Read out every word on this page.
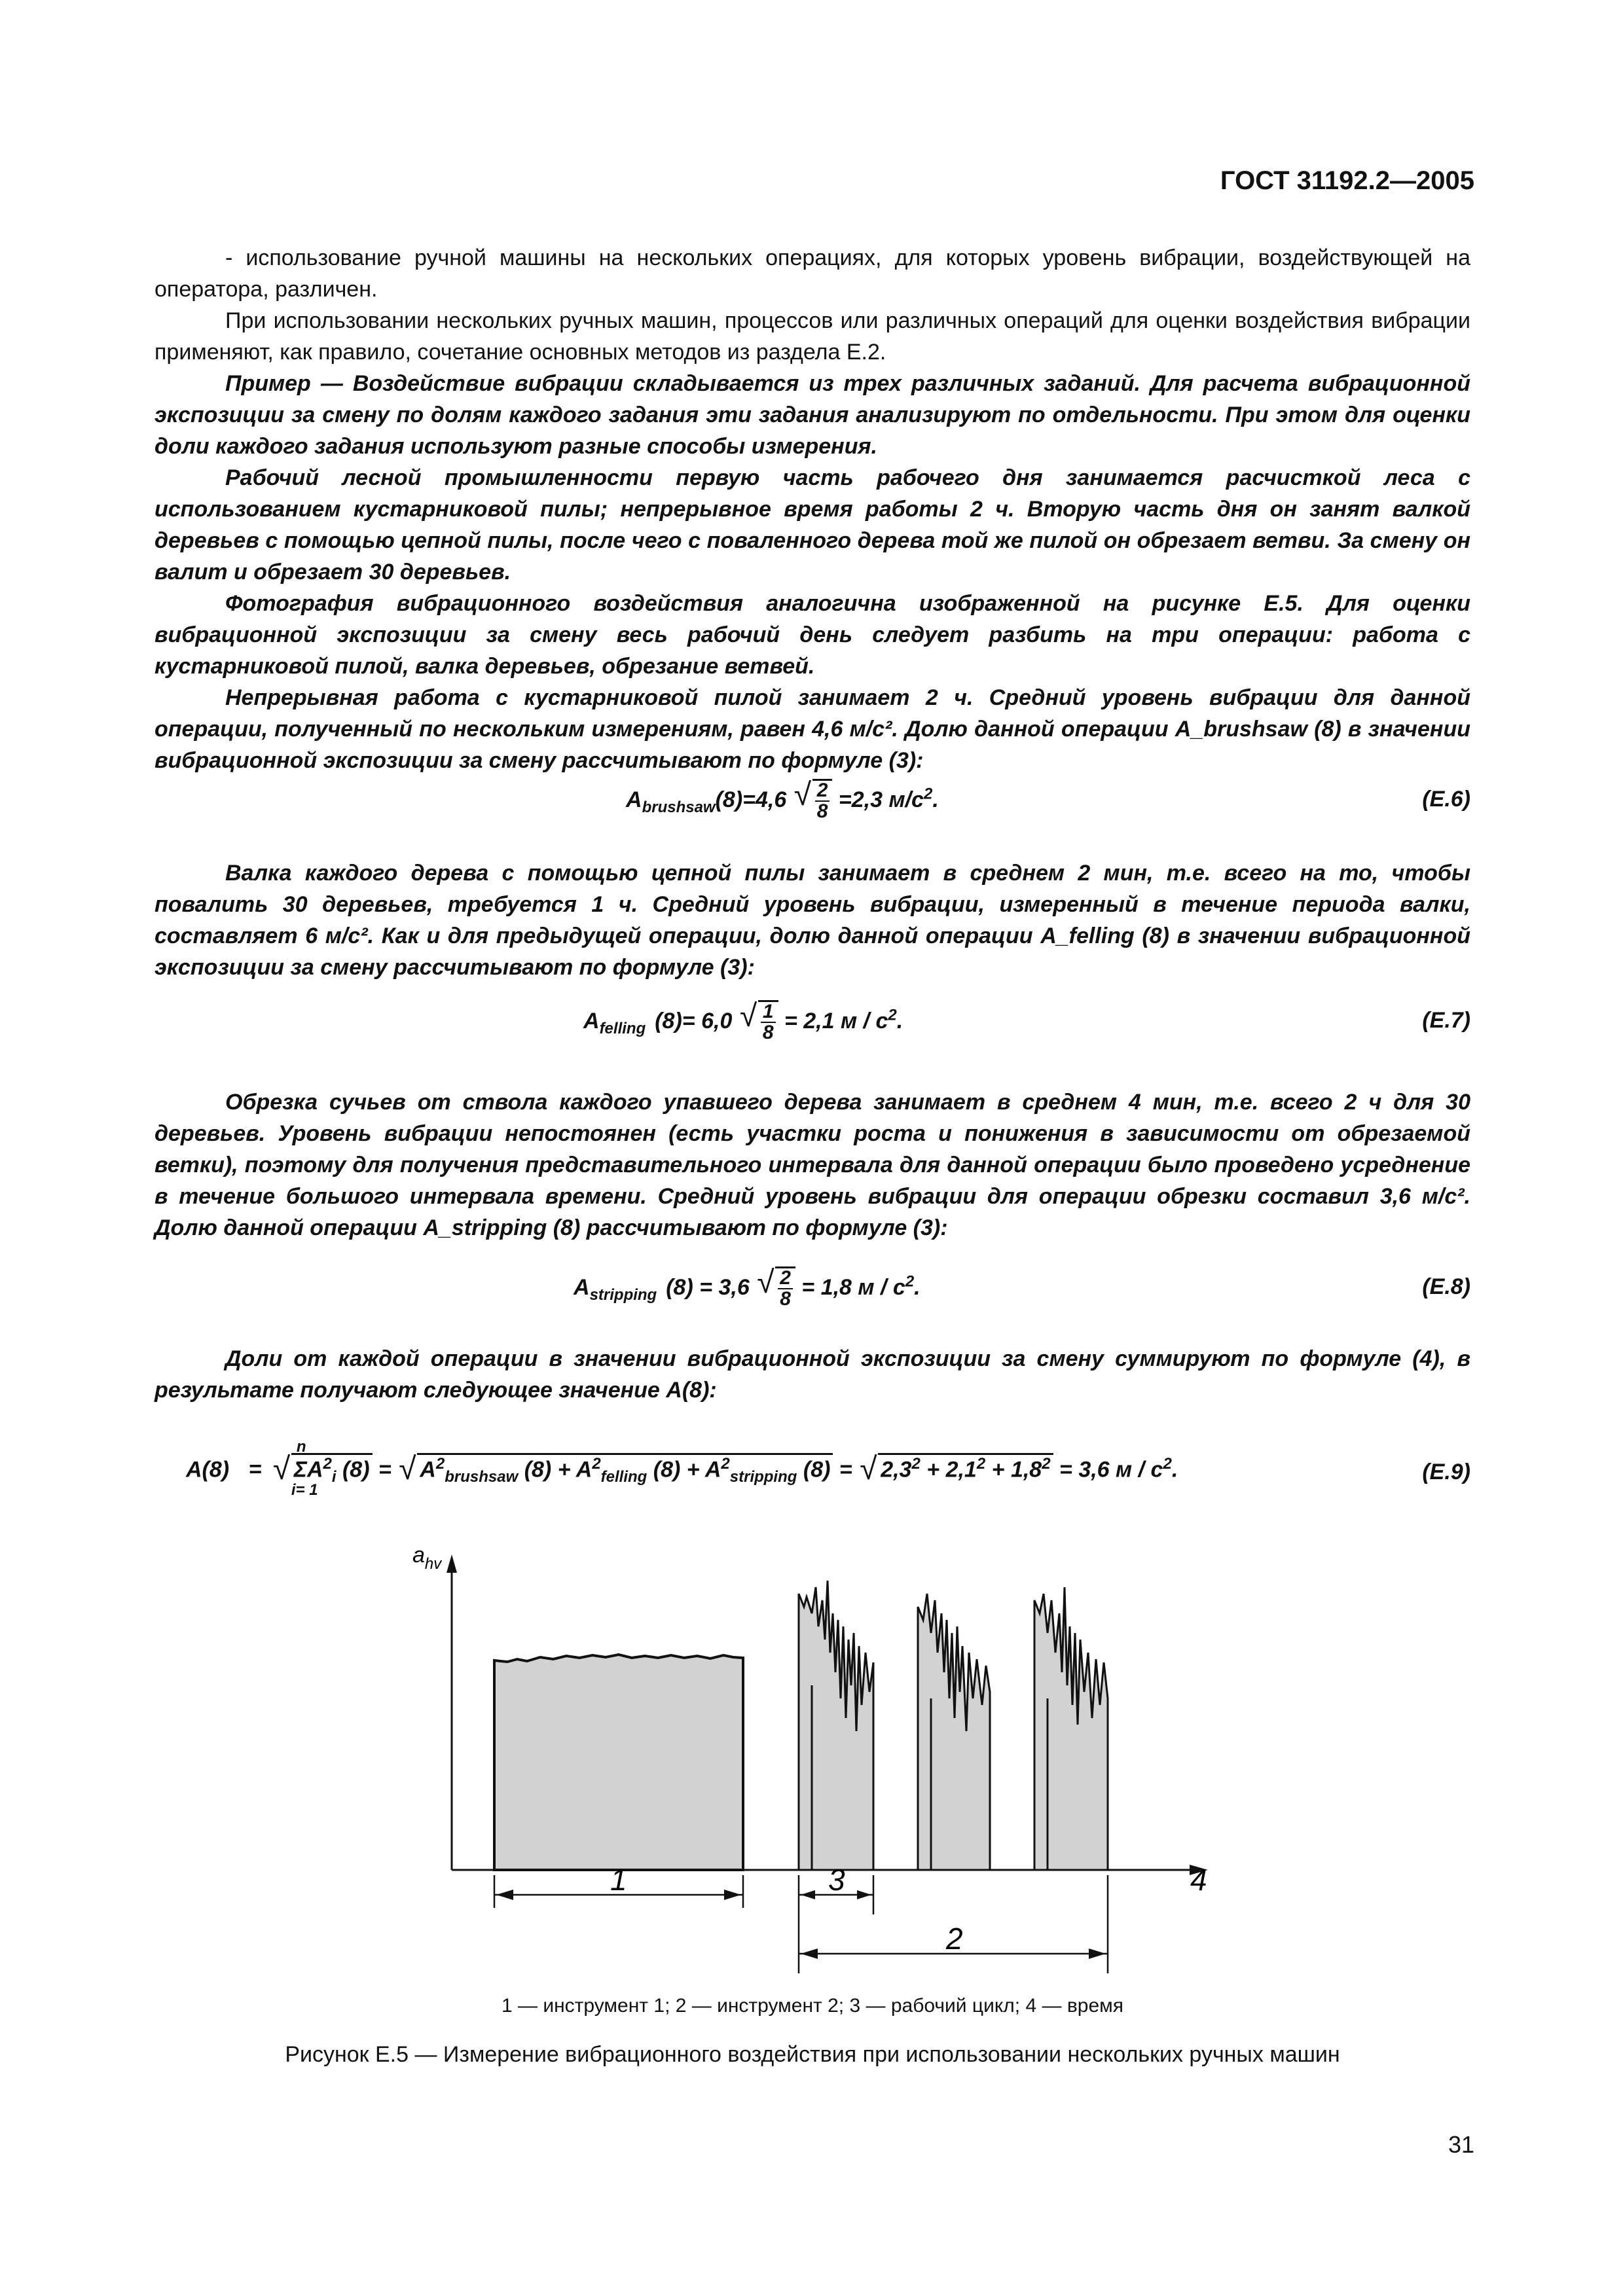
ГОСТ 31192.2—2005

- использование ручной машины на нескольких операциях, для которых уровень вибрации, воздействующей на оператора, различен.

При использовании нескольких ручных машин, процессов или различных операций для оценки воздействия вибрации применяют, как правило, сочетание основных методов из раздела Е.2.

Пример — Воздействие вибрации складывается из трех различных заданий. Для расчета вибрационной экспозиции за смену по долям каждого задания эти задания анализируют по отдельности. При этом для оценки доли каждого задания используют разные способы измерения.

Рабочий лесной промышленности первую часть рабочего дня занимается расчисткой леса с использованием кустарниковой пилы; непрерывное время работы 2 ч. Вторую часть дня он занят валкой деревьев с помощью цепной пилы, после чего с поваленного дерева той же пилой он обрезает ветви. За смену он валит и обрезает 30 деревьев.

Фотография вибрационного воздействия аналогична изображенной на рисунке Е.5. Для оценки вибрационной экспозиции за смену весь рабочий день следует разбить на три операции: работа с кустарниковой пилой, валка деревьев, обрезание ветвей.

Непрерывная работа с кустарниковой пилой занимает 2 ч. Средний уровень вибрации для данной операции, полученный по нескольким измерениям, равен 4,6 м/с². Долю данной операции A_brushsaw (8) в значении вибрационной экспозиции за смену рассчитывают по формуле (3):

$A_{brushsaw}(8)=4,6$ √ $\frac{2}{8} =2,3$ $м/с^2$.	(E.6)

Валка каждого дерева с помощью цепной пилы занимает в среднем 2 мин, т.е. всего на то, чтобы повалить 30 деревьев, требуется 1 ч. Средний уровень вибрации, измеренный в течение периода валки, составляет 6 м/с². Как и для предыдущей операции, долю данной операции A_felling (8) в значении вибрационной экспозиции за смену рассчитывают по формуле (3):

$A_{felling}$ (8)= 6,0 √ $\frac{1}{8} = 2,1$ м / $с^2$.	(E.7)

Обрезка сучьев от ствола каждого упавшего дерева занимает в среднем 4 мин, т.е. всего 2 ч для 30 деревьев. Уровень вибрации непостоянен (есть участки роста и понижения в зависимости от обрезаемой ветки), поэтому для получения представительного интервала для данной операции было проведено усреднение в течение большого интервала времени. Средний уровень вибрации для операции обрезки составил 3,6 м/с². Долю данной операции A_stripping (8) рассчитывают по формуле (3):

$A_{stripping}$ (8) = 3,6 √ $\frac{2}{8} = 1,8$ м / $с^2$.	(E.8)

Доли от каждой операции в значении вибрационной экспозиции за смену суммируют по формуле (4), в результате получают следующее значение A(8):

A(8) =
√ n
$\Sigma A^2_i$ (8)
i= 1
= √ $A^2_{brushsaw}$ $(8) + A^2_{felling}$ $(8) + A^2_{stripping}$ (8) = √ $2,3^2 + 2,1^2 + 1,8^2 = 3,6$ м / $с^2$.	(E.9)
$a_{hv}$
1	3
2
4
1 — инструмент 1; 2 — инструмент 2; 3 — рабочий цикл; 4 — время
Рисунок Е.5 — Измерение вибрационного воздействия при использовании нескольких ручных машин
31
